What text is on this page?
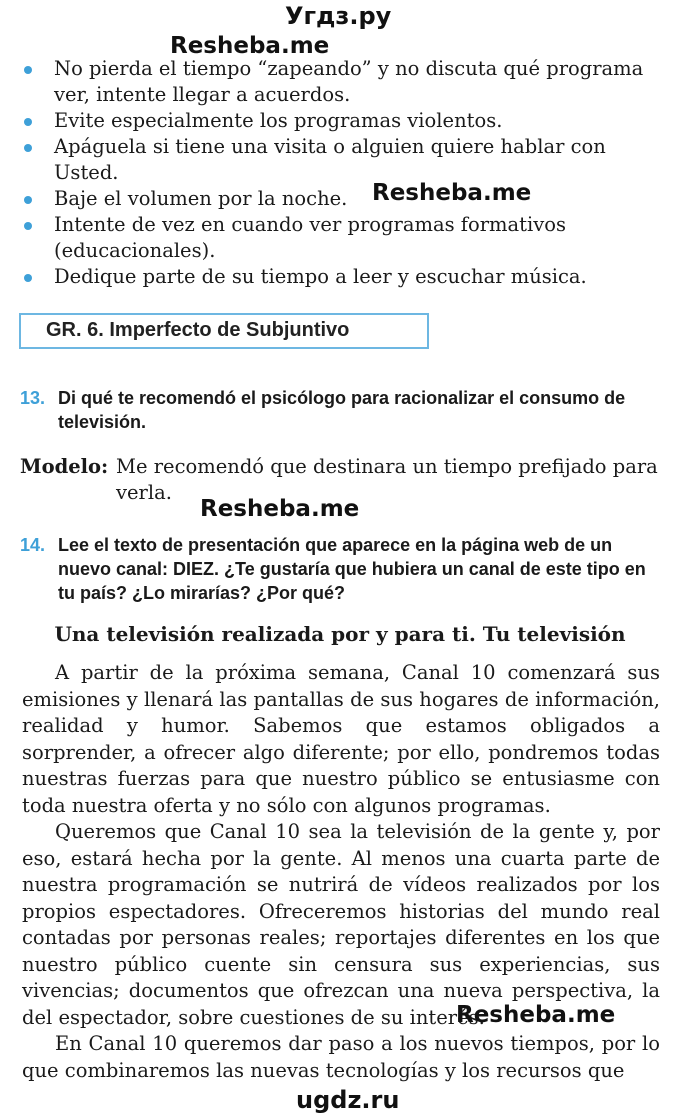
Угдз.ру
Resheba.me
No pierda el tiempo “zapeando” y no discuta qué programa ver, intente llegar a acuerdos.
Evite especialmente los programas violentos.
Apáguela si tiene una visita o alguien quiere hablar con Usted.
Baje el volumen por la noche.
Intente de vez en cuando ver programas formativos (educacionales).
Dedique parte de su tiempo a leer y escuchar música.
Resheba.me
GR. 6. Imperfecto de Subjuntivo
13. Di qué te recomendó el psicólogo para racionalizar el consumo de televisión.
Modelo: Me recomendó que destinara un tiempo prefijado para verla.
Resheba.me
14. Lee el texto de presentación que aparece en la página web de un nuevo canal: DIEZ. ¿Te gustaría que hubiera un canal de este tipo en tu país? ¿Lo mirarías? ¿Por qué?
Una televisión realizada por y para ti. Tu televisión

A partir de la próxima semana, Canal 10 comenzará sus emisiones y llenará las pantallas de sus hogares de información, realidad y humor. Sabemos que estamos obligados a sorprender, a ofrecer algo diferente; por ello, pondremos todas nuestras fuerzas para que nuestro público se entusiasme con toda nuestra oferta y no sólo con algunos programas.

Queremos que Canal 10 sea la televisión de la gente y, por eso, estará hecha por la gente. Al menos una cuarta parte de nuestra programación se nutrirá de vídeos realizados por los propios espectadores. Ofreceremos historias del mundo real contadas por personas reales; reportajes diferentes en los que nuestro público cuente sin censura sus experiencias, sus vivencias; documentos que ofrezcan una nueva perspectiva, la del espectador, sobre cuestiones de su interés.

En Canal 10 queremos dar paso a los nuevos tiempos, por lo que combinaremos las nuevas tecnologías y los recursos que

Resheba.me
ugdz.ru
